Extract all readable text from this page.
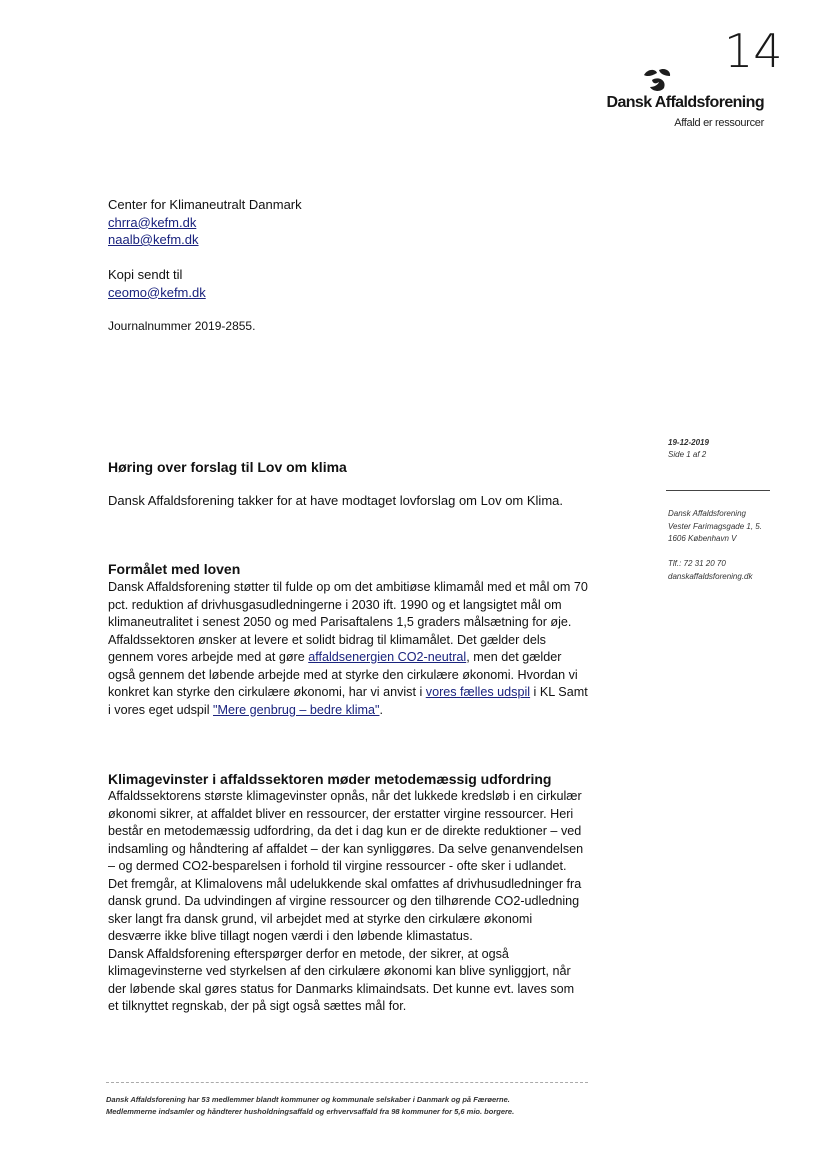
14
Dansk Affaldsforening
Affald er ressourcer
Center for Klimaneutralt Danmark
chrra@kefm.dk
naalb@kefm.dk
Kopi sendt til
ceomo@kefm.dk
Journalnummer 2019-2855.
19-12-2019
Side 1 af 2
Dansk Affaldsforening
Vester Farimagsgade 1, 5.
1606 København V
Tlf.: 72 31 20 70
danskaffaldsforening.dk
Høring over forslag til Lov om klima
Dansk Affaldsforening takker for at have modtaget lovforslag om Lov om Klima.
Formålet med loven

Dansk Affaldsforening støtter til fulde op om det ambitiøse klimamål med et mål om 70 pct. reduktion af drivhusgasudledningerne i 2030 ift. 1990 og et langsigtet mål om klimaneutralitet i senest 2050 og med Parisaftalens 1,5 graders målsætning for øje.

Affaldssektoren ønsker at levere et solidt bidrag til klimamålet. Det gælder dels gennem vores arbejde med at gøre affaldsenergien CO2-neutral, men det gælder også gennem det løbende arbejde med at styrke den cirkulære økonomi. Hvordan vi konkret kan styrke den cirkulære økonomi, har vi anvist i vores fælles udspil i KL Samt i vores eget udspil "Mere genbrug – bedre klima".

Klimagevinster i affaldssektoren møder metodemæssig udfordring

Affaldssektorens største klimagevinster opnås, når det lukkede kredsløb i en cirkulær økonomi sikrer, at affaldet bliver en ressourcer, der erstatter virgine ressourcer. Heri består en metodemæssig udfordring, da det i dag kun er de direkte reduktioner – ved indsamling og håndtering af affaldet – der kan synliggøres. Da selve genanvendelsen – og dermed CO2-besparelsen i forhold til virgine ressourcer - ofte sker i udlandet.

Det fremgår, at Klimalovens mål udelukkende skal omfattes af drivhusudledninger fra dansk grund. Da udvindingen af virgine ressourcer og den tilhørende CO2-udledning sker langt fra dansk grund, vil arbejdet med at styrke den cirkulære økonomi desværre ikke blive tillagt nogen værdi i den løbende klimastatus.

Dansk Affaldsforening efterspørger derfor en metode, der sikrer, at også klimagevinsterne ved styrkelsen af den cirkulære økonomi kan blive synliggjort, når der løbende skal gøres status for Danmarks klimaindsats. Det kunne evt. laves som et tilknyttet regnskab, der på sigt også sættes mål for.

Dansk Affaldsforening har 53 medlemmer blandt kommuner og kommunale selskaber i Danmark og på Færøerne.
Medlemmerne indsamler og håndterer husholdningsaffald og erhvervsaffald fra 98 kommuner for 5,6 mio. borgere.
